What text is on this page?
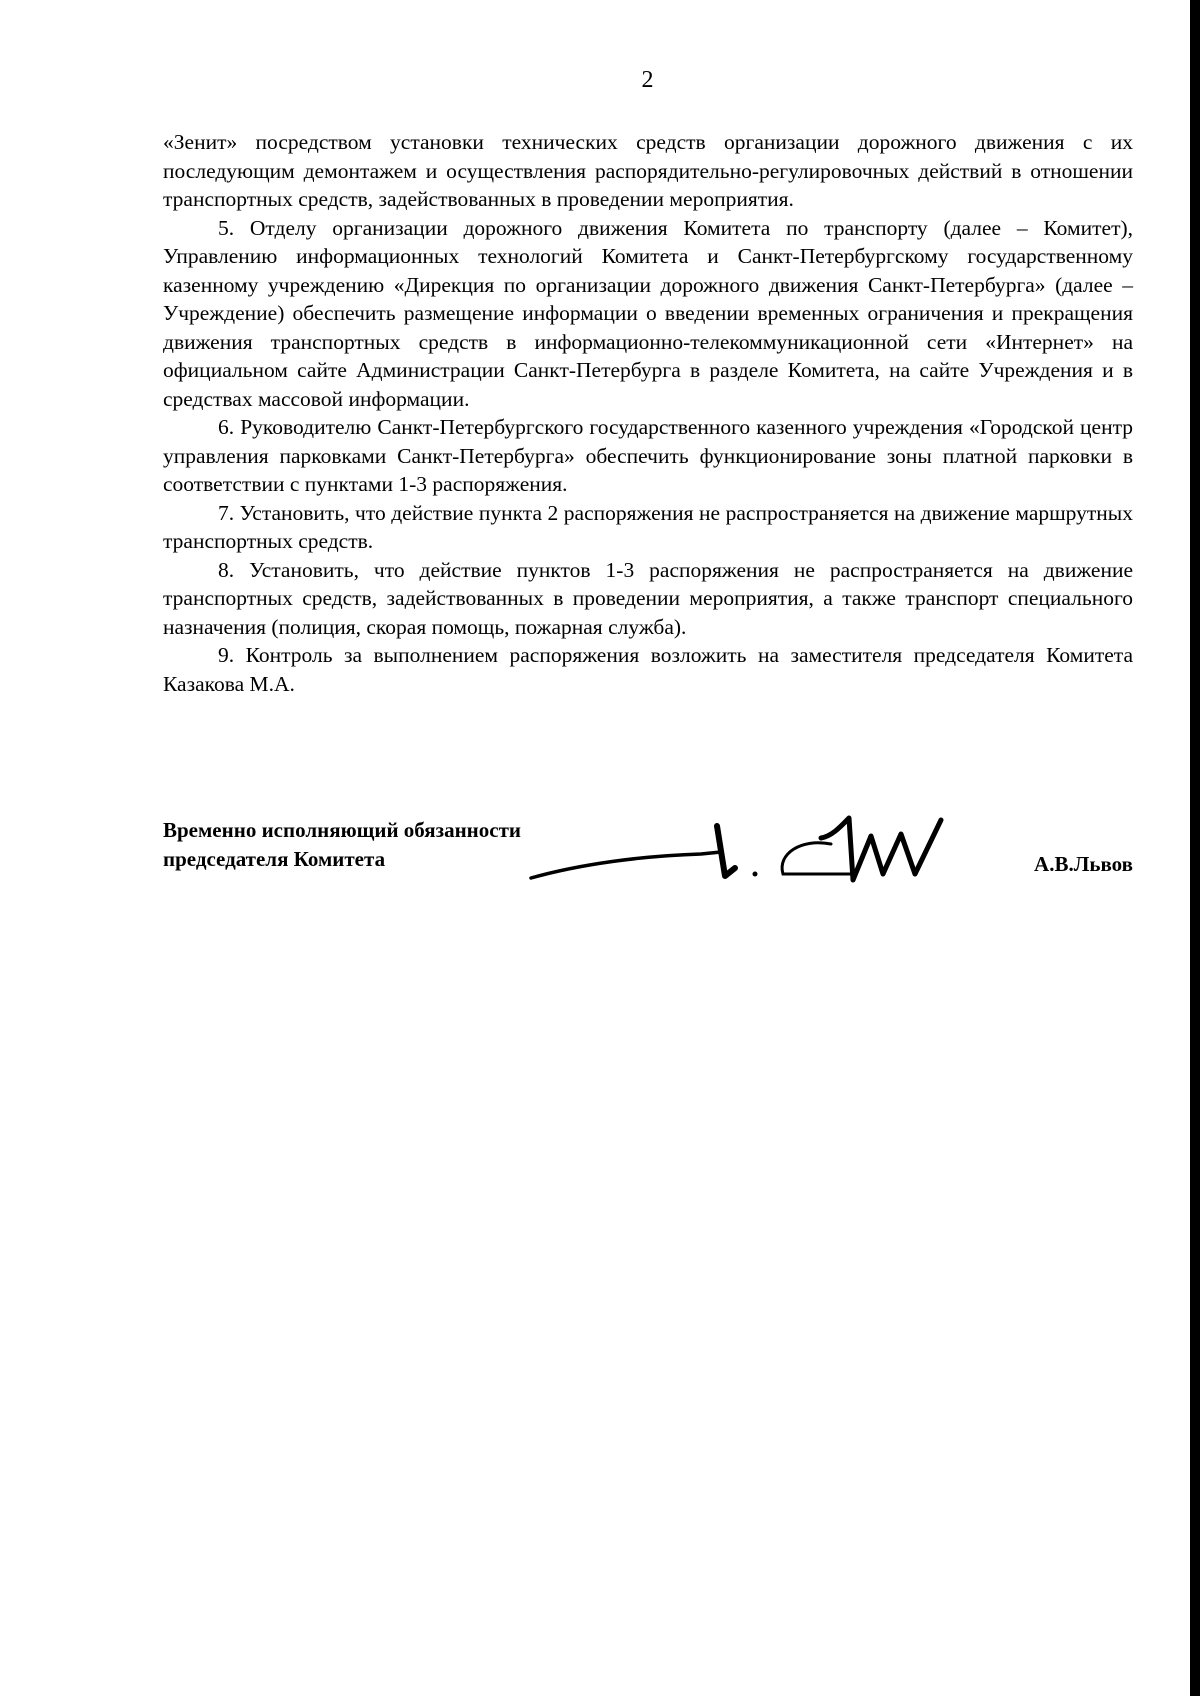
2

«Зенит» посредством установки технических средств организации дорожного движения с их последующим демонтажем и осуществления распорядительно-регулировочных действий в отношении транспортных средств, задействованных в проведении мероприятия.

5. Отделу организации дорожного движения Комитета по транспорту (далее – Комитет), Управлению информационных технологий Комитета и Санкт-Петербургскому государственному казенному учреждению «Дирекция по организации дорожного движения Санкт-Петербурга» (далее – Учреждение) обеспечить размещение информации о введении временных ограничения и прекращения движения транспортных средств в информационно-телекоммуникационной сети «Интернет» на официальном сайте Администрации Санкт-Петербурга в разделе Комитета, на сайте Учреждения и в средствах массовой информации.

6. Руководителю Санкт-Петербургского государственного казенного учреждения «Городской центр управления парковками Санкт-Петербурга» обеспечить функционирование зоны платной парковки в соответствии с пунктами 1-3 распоряжения.

7. Установить, что действие пункта 2 распоряжения не распространяется на движение маршрутных транспортных средств.

8. Установить, что действие пунктов 1-3 распоряжения не распространяется на движение транспортных средств, задействованных в проведении мероприятия, а также транспорт специального назначения (полиция, скорая помощь, пожарная служба).

9. Контроль за выполнением распоряжения возложить на заместителя председателя Комитета Казакова М.А.

Временно исполняющий обязанности
председателя Комитета	А.В.Львов
